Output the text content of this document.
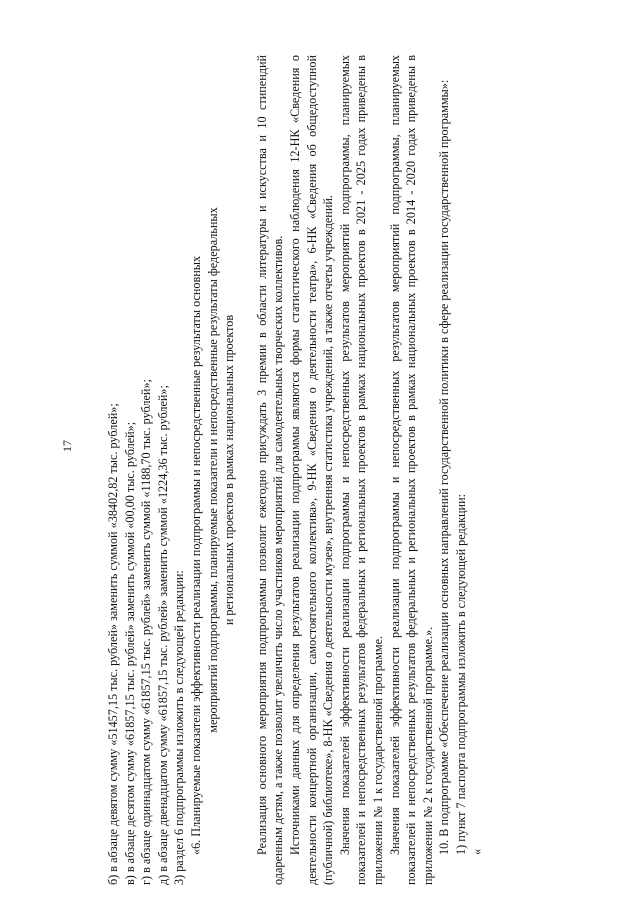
17	б) в абзаце девятом сумму «51457,15 тыс. рублей» заменить суммой «38402,82 тыс. рублей»; в) в абзаце десятом сумму «61857,15 тыс. рублей» заменить суммой «00,00 тыс. рублей»; г) в абзаце одиннадцатом сумму «61857,15 тыс. рублей» заменить суммой «1188,70 тыс. рублей»; д) в абзаце двенадцатом сумму «61857,15 тыс. рублей» заменить суммой «1224,36 тыс. рублей»; 3) раздел 6 подпрограммы изложить в следующей редакции: «6. Планируемые показатели эффективности реализации подпрограммы и непосредственные результаты основных мероприятий подпрограммы, планируемые показатели и непосредственные результаты федеральных и региональных проектов в рамках национальных проектов Реализация основного мероприятия подпрограммы позволит ежегодно присуждать 3 премии в области литературы и искусства и 10 стипендий одаренным детям, а также позволит увеличить число участников мероприятий для самодеятельных творческих коллективов. Источниками данных для определения результатов реализации подпрограммы являются формы статистического наблюдения 12-НК «Сведения о деятельности концертной организации, самостоятельного коллектива», 9-НК «Сведения о деятельности театра», 6-НК «Сведения об общедоступной (публичной) библиотеке», 8-НК «Сведения о деятельности музея», внутренняя статистика учреждений, а также отчеты учреждений. Значения показателей эффективности реализации подпрограммы и непосредственных результатов мероприятий подпрограммы, планируемых показателей и непосредственных результатов федеральных и региональных проектов в рамках национальных проектов в 2021 - 2025 годах приведены в приложении № 1 к государственной программе. Значения показателей эффективности реализации подпрограммы и непосредственных результатов мероприятий подпрограммы, планируемых показателей и непосредственных результатов федеральных и региональных проектов в рамках национальных проектов в 2014 - 2020 годах приведены в приложении № 2 к государственной программе.». 10. В подпрограмме «Обеспечение реализации основных направлений государственной политики в сфере реализации государственной программы»: 1) пункт 7 паспорта подпрограммы изложить в следующей редакции: «
